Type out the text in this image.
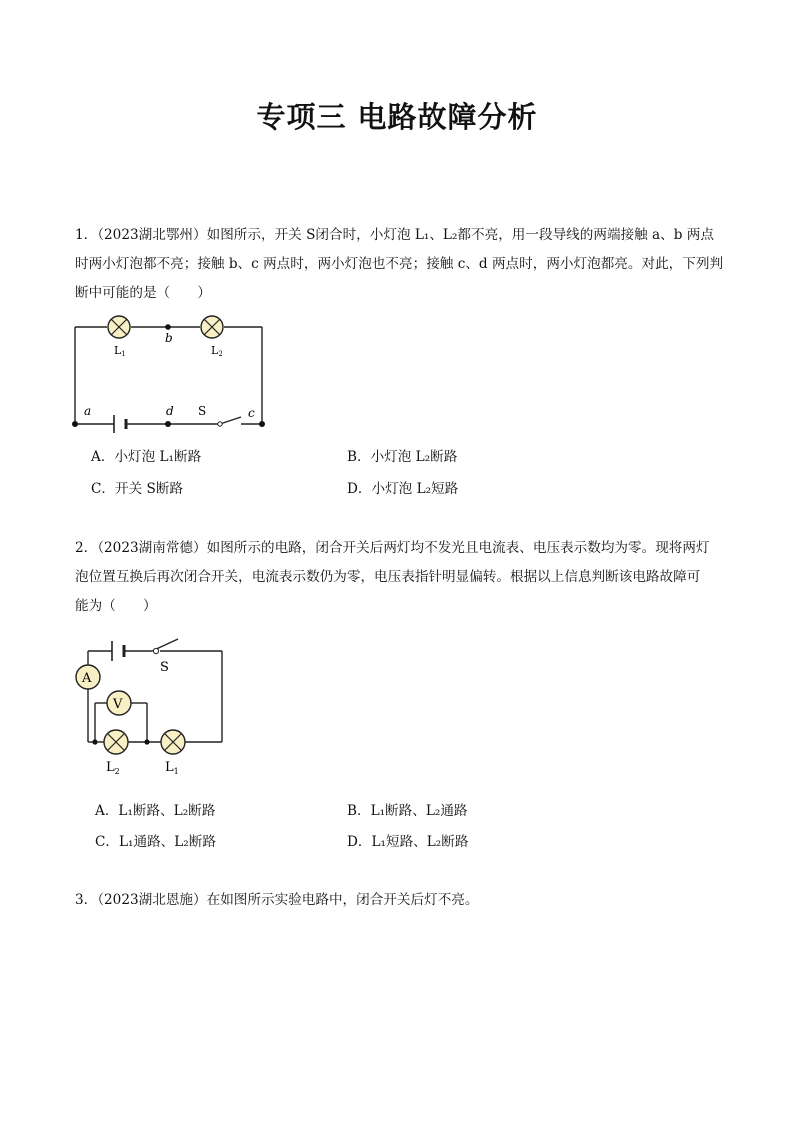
专项三 电路故障分析

1．（2023湖北鄂州）如图所示，开关 S闭合时，小灯泡 L₁、L₂都不亮，用一段导线的两端接触 a、b 两点
时两小灯泡都不亮；接触 b、c 两点时，两小灯泡也不亮；接触 c、d 两点时，两小灯泡都亮。对此，下列判
断中可能的是（　　）

L1
b
L2
a	d S	c
A．小灯泡 L₁断路	B．小灯泡 L₂断路
C．开关 S断路	D．小灯泡 L₂短路

2．（2023湖南常德）如图所示的电路，闭合开关后两灯均不发光且电流表、电压表示数均为零。现将两灯
泡位置互换后再次闭合开关，电流表示数仍为零，电压表指针明显偏转。根据以上信息判断该电路故障可
能为（　　）

A
V
S
$L_2$	$L_1$
A．L₁断路、L₂断路	B．L₁断路、L₂通路
C．L₁通路、L₂断路	D．L₁短路、L₂断路

3．（2023湖北恩施）在如图所示实验电路中，闭合开关后灯不亮。
